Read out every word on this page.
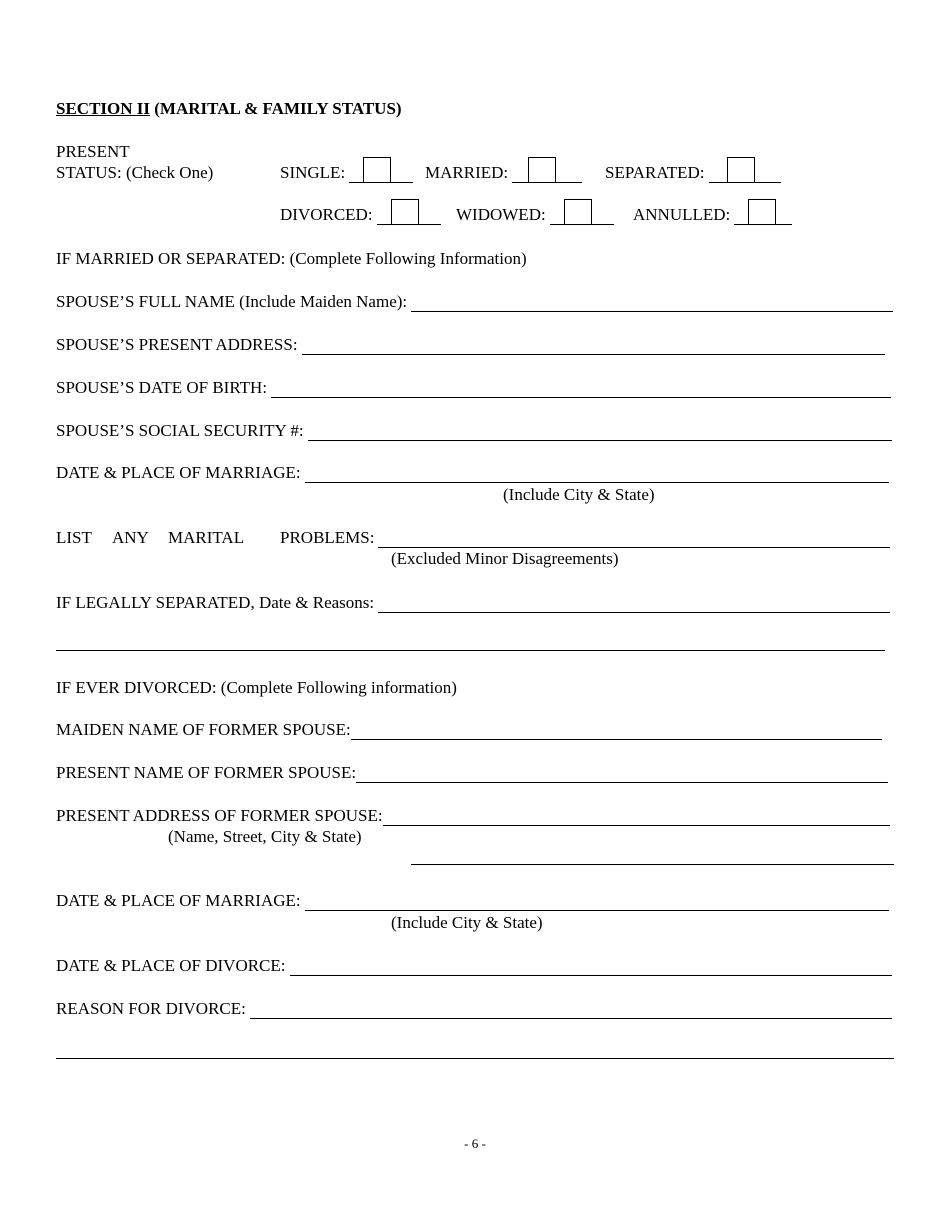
SECTION II (MARITAL & FAMILY STATUS)
PRESENT
STATUS: (Check One)	SINGLE:	MARRIED:	SEPARATED:
DIVORCED:	WIDOWED:	ANNULLED:
IF MARRIED OR SEPARATED: (Complete Following Information)
SPOUSE’S FULL NAME (Include Maiden Name):
SPOUSE’S PRESENT ADDRESS:
SPOUSE’S DATE OF BIRTH:
SPOUSE’S SOCIAL SECURITY #:
DATE & PLACE OF MARRIAGE:
(Include City & State)
LIST ANY MARITAL PROBLEMS:
(Excluded Minor Disagreements)
IF LEGALLY SEPARATED, Date & Reasons:
IF EVER DIVORCED: (Complete Following information)
MAIDEN NAME OF FORMER SPOUSE:
PRESENT NAME OF FORMER SPOUSE:
PRESENT ADDRESS OF FORMER SPOUSE:
(Name, Street, City & State)
DATE & PLACE OF MARRIAGE:
(Include City & State)
DATE & PLACE OF DIVORCE:
REASON FOR DIVORCE:
- 6 -
